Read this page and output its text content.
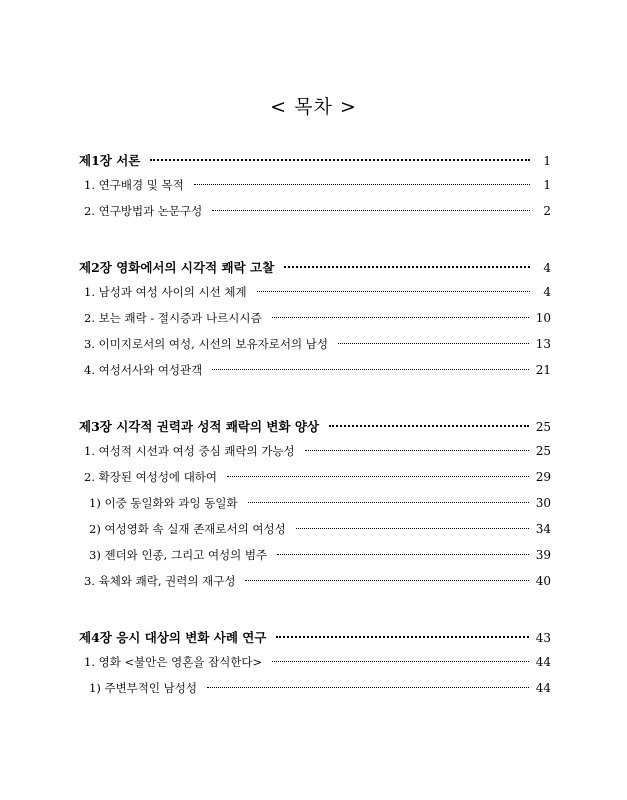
< 목차 >
제1장 서론	1
1. 연구배경 및 목적	1
2. 연구방법과 논문구성	2
제2장 영화에서의 시각적 쾌락 고찰	4
1. 남성과 여성 사이의 시선 체계	4
2. 보는 쾌락 - 절시증과 나르시시즘	10
3. 이미지로서의 여성, 시선의 보유자로서의 남성	13
4. 여성서사와 여성관객	21
제3장 시각적 권력과 성적 쾌락의 변화 양상	25
1. 여성적 시선과 여성 중심 쾌락의 가능성	25
2. 확장된 여성성에 대하여	29
1) 이중 동일화와 과잉 동일화	30
2) 여성영화 속 실재 존재로서의 여성성	34
3) 젠더와 인종, 그리고 여성의 범주	39
3. 육체와 쾌락, 권력의 재구성	40
제4장 응시 대상의 변화 사례 연구	43
1. 영화 <불안은 영혼을 잠식한다>	44
1) 주변부적인 남성성	44
